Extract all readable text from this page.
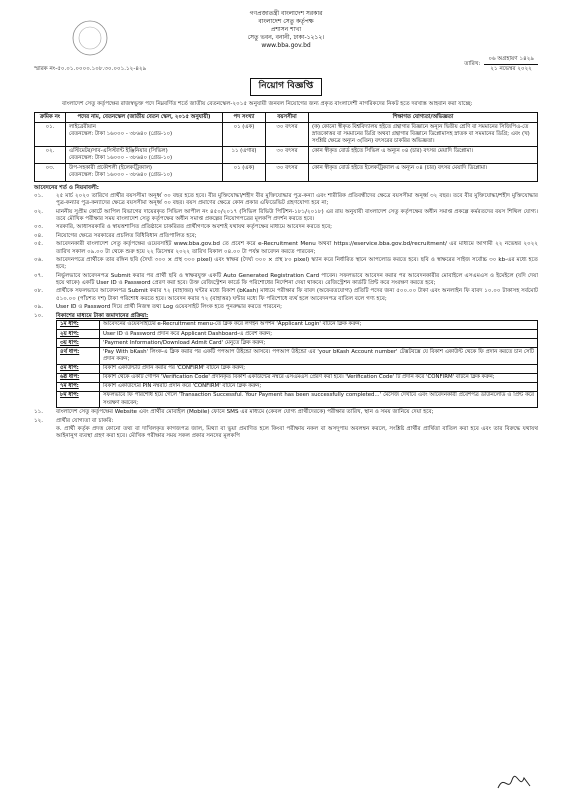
গণপ্রজাতন্ত্রী বাংলাদেশ সরকার
বাংলাদেশ সেতু কর্তৃপক্ষ
প্রশাসন শাখা
সেতু ভবন, বনানী, ঢাকা-১২১২।
www.bba.gov.bd
স্মারক নং-৫০.০১.০০০০.১০৮.৩০.০০১.১২-৪২৯
তারিখ:
০৬ অগ্রহায়ণ ১৪২৯
২১ নভেম্বর ২০২২
নিয়োগ বিজ্ঞপ্তি
বাংলাদেশ সেতু কর্তৃপক্ষের রাজস্বভুক্ত পদে নিম্নবর্ণিত শর্তে জাতীয় বেতনস্কেল-২০১৫ অনুযায়ী জনবল নিয়োগের জন্য প্রকৃত বাংলাদেশী নাগরিকদের নিকট হতে দরখাস্ত আহবান করা যাচ্ছে:
ক্রমিক নং	পদের নাম, বেতনস্কেল (জাতীয় বেতন স্কেল, ২০১৫ অনুযায়ী)	পদ সংখ্যা	বয়সসীমা	শিক্ষাগত যোগ্যতা/অভিজ্ঞতা
০১.	লাইব্রেরীয়ান
বেতনস্কেল: টাকা ১৬০০০ - ৩৮৬৪০ (গ্রেড-১০)	০১ (এক)	৩০ বৎসর	(ক) কোনো স্বীকৃত বিশ্ববিদ্যালয় হইতে গ্রন্থাগার বিজ্ঞানে অন্যূন দ্বিতীয় শ্রেণি বা সমমানের সিজিপিএ-তে স্নাতকোত্তর বা সমমানের ডিগ্রি অথবা গ্রন্থাগার বিজ্ঞানে ডিপ্লোমাসহ স্নাতক বা সমমানের ডিগ্রি; এবং (খ) সংশ্লিষ্ট ক্ষেত্রে অন্যূন ৩(তিন) বৎসরের চাকরির অভিজ্ঞতা।
০২.	এস্টিমেটর/সাব-এসিস্ট্যান্ট ইঞ্জিনিয়ার (সিভিল)
বেতনস্কেল: টাকা ১৬০০০ - ৩৮৬৪০ (গ্রেড-১০)	১১ (এগার)	৩০ বৎসর	কোন স্বীকৃত বোর্ড হইতে সিভিল এ অন্যূন ০৪ (চার) বৎসর মেয়াদি ডিপ্লোমা।
০৩.	উপ-সহকারী প্রকৌশলী (ইলেকট্রিক্যাল)
বেতনস্কেল: টাকা ১৬০০০ - ৩৮৬৪০ (গ্রেড-১০)	০১ (এক)	৩০ বৎসর	কোন স্বীকৃত বোর্ড হইতে ইলেকট্রিক্যাল এ অন্যূন ০৪ (চার) বৎসর মেয়াদি ডিপ্লোমা।
আবেদনের শর্ত ও নিয়মাবলী:
০১.	২৫ মার্চ ২০২০ তারিখে প্রার্থীর বয়সসীমা অনূর্ধ্ব ৩০ বছর হতে হবে। বীর মুক্তিযোদ্ধা/শহীদ বীর মুক্তিযোদ্ধার পুত্র-কন্যা এবং শারীরিক প্রতিবন্ধীদের ক্ষেত্রে বয়সসীমা অনূর্ধ্ব ৩২ বছর। তবে বীর মুক্তিযোদ্ধা/শহীদ মুক্তিযোদ্ধার পুত্র-কন্যার পুত্র-কন্যাদের ক্ষেত্রে বয়সসীমা অনূর্ধ্ব ৩০ বছর। বয়স প্রমাণের ক্ষেত্রে কোন প্রকার এফিডেভিট গ্রহণযোগ্য হবে না;
০২.	মাননীয় সুপ্রীম কোর্টে আপিল বিভাগের দায়েরকৃত সিভিল আপীল নং ৪৫০/২০১৭ (সিভিল রিভিউ পিটিশন-১৮১/২০১৮) এর রায় অনুযায়ী বাংলাদেশ সেতু কর্তৃপক্ষের অধীন সমাপ্ত প্রকল্পে কর্মরতদের বয়স শিথিল যোগ্য। তবে মৌখিক পরীক্ষার সময় বাংলাদেশ সেতু কর্তৃপক্ষের অধীন সমাপ্ত প্রকল্পের নিয়োগপত্রের মূলকপি প্রদর্শন করতে হবে।
০৩.	সরকারি, আধাসরকারি ও স্বায়ত্তশাসিত প্রতিষ্ঠানে চাকরিরত প্রার্থীগণকে অবশ্যই যথাযথ কর্তৃপক্ষের মাধ্যমে আবেদন করতে হবে;
০৪.	নিয়োগের ক্ষেত্রে সরকারের প্রচলিত বিধিবিধান প্রতিপালিত হবে;
০৫.	আবেদনকারী বাংলাদেশ সেতু কর্তৃপক্ষের ওয়েবসাইট www.bba.gov.bd তে প্রবেশ করে e-Recruitment Menu অথবা https://eservice.bba.gov.bd/recruitment/ এর মাধ্যমে আগামী ২২ নভেম্বর ২০২২ তারিখ সকাল ০৯.০০ টা থেকে শুরু হয়ে ২২ ডিসেম্বর ২০২২ তারিখ বিকাল ০৪.০০ টা পর্যন্ত আবেদন করতে পারবেন;
০৬.	আবেদনপত্রে প্রার্থীকে তার রঙ্গিন ছবি (দৈর্ঘ্য ৩০০ × প্রস্থ ৩০০ pixel) এবং স্বাক্ষর (দৈর্ঘ্য ৩০০ × প্রস্থ ৮০ pixel) স্ক্যান করে নির্ধারিত স্থানে আপলোড করতে হবে। ছবি ও স্বাক্ষরের সাইজ সর্বোচ্চ ৩০ kb-এর মধ্যে হতে হবে;
০৭.	নির্ভুলভাবে আবেদনপত্র Submit করার পর প্রার্থী ছবি ও স্বাক্ষরযুক্ত একটি Auto Generated Registration Card পাবেন। সফলভাবে আবেদন করার পর আবেদনকারীর মোবাইলে এসএমএস ও ইমেইলে (যদি দেয়া হয়ে থাকে) একটি User ID ও Password প্রেরণ করা হবে। উক্ত রেজিস্ট্রেশন কার্ডে ফি পরিশোধের নির্দেশনা দেয়া থাকবে। রেজিস্ট্রেশন কার্ডটি প্রিন্ট করে সংরক্ষণ করতে হবে;
০৮.	প্রার্থীকে সফলভাবে আবেদনপত্র Submit করার ৭২ (বাহাত্তর) ঘন্টার মধ্যে বিকাশ (bKash) মাধ্যমে পরীক্ষার ফি বাবদ (অফেরতযোগ্য) প্রতিটি পদের জন্য ৫০০.০০ টাকা এবং অনলাইন ফি বাবদ ১০.০০ টাকাসহ সর্বমোট ৫১০.০০ (পাঁচশত দশ) টাকা পরিশোধ করতে হবে। আবেদন করার ৭২ (বাহাত্তর) ঘন্টার মধ্যে ফি পরিশোধে ব্যর্থ হলে আবেদনপত্র বাতিল বলে গণ্য হবে;
০৯.	User ID ও Password দিয়ে প্রার্থী নিজস্ব তথ্য Log ওয়েবসাইট লিংক হতে পুনরুদ্ধার করতে পারবেন;
১০.	বিকাশের মাধ্যমে টাকা জমাদানের প্রক্রিয়া:
১ম ধাপ:	আবেদনের ওয়েবসাইটের e-Recruitment menu-তে ক্লিক করে লগইন অপশন 'Applicant Login' বাটনে ক্লিক করুন;
২য় ধাপ:	User ID ও Password প্রদান করে Applicant Dashboard-এ প্রবেশ করুন;
৩য় ধাপ:	'Payment Information/Download Admit Card' মেনুতে ক্লিক করুন;
৪র্থ ধাপ:	'Pay With bKash' লিংক-এ ক্লিক করার পর একটি পপআপ উইন্ডো আসবে। পপআপ উইন্ডো এর 'your bKash Account number' টেক্সটবক্সে যে বিকাশ একাউন্ট থেকে ফি প্রদান করতে চান সেটি প্রদান করুন;
৫ম ধাপ:	বিকাশ একাউন্টটি প্রদান করার পর 'CONFIRM' বাটনে ক্লিক করুন;
৬ষ্ঠ ধাপ:	বিকাশ থেকে একটি গোপন 'Verification Code' প্রদানকৃত বিকাশ একাউন্টের নম্বরে এসএমএস প্রেরণ করা হবে। 'Verification Code' টি প্রদান করে 'CONFIRM' বাটনে ক্লিক করুন;
৭ম ধাপ:	বিকাশ একাউন্টের PIN নম্বরটি প্রদান করে 'CONFIRM' বাটনে ক্লিক করুন;
৮ম ধাপ:	সফলভাবে ফি পরিশোধ হয়ে গেলে 'Transaction Successful. Your Payment has been successfully completed...' মেসেজ দেখাবে এবং আবেদনকারী প্রবেশপত্র ডাউনলোড ও প্রিন্ট করে সংরক্ষণ করবেন;
১১.	বাংলাদেশ সেতু কর্তৃপক্ষের Website এবং প্রার্থীর মোবাইল (Mobile) ফোনে SMS এর মাধ্যমে (কেবল যোগ্য প্রার্থীদেরকে) পরীক্ষার তারিখ, স্থান ও সময় জানিয়ে দেয়া হবে;
১২.	প্রার্থীর যোগ্যতা বা চাকরি:
ক. প্রার্থী কর্তৃক প্রদত্ত কোনো তথ্য বা দাখিলকৃত কাগজপত্র জাল, মিথ্যা বা ভুয়া প্রমাণিত হলে কিংবা পরীক্ষায় নকল বা অসদুপায় অবলম্বন করলে, সংশ্লিষ্ট প্রার্থীর প্রার্থিতা বাতিল করা হবে এবং তার বিরুদ্ধে যথাযথ আইনানুগ ব্যবস্থা গ্রহণ করা হবে। মৌখিক পরীক্ষার সময় সকল প্রকার সনদের মূলকপি
